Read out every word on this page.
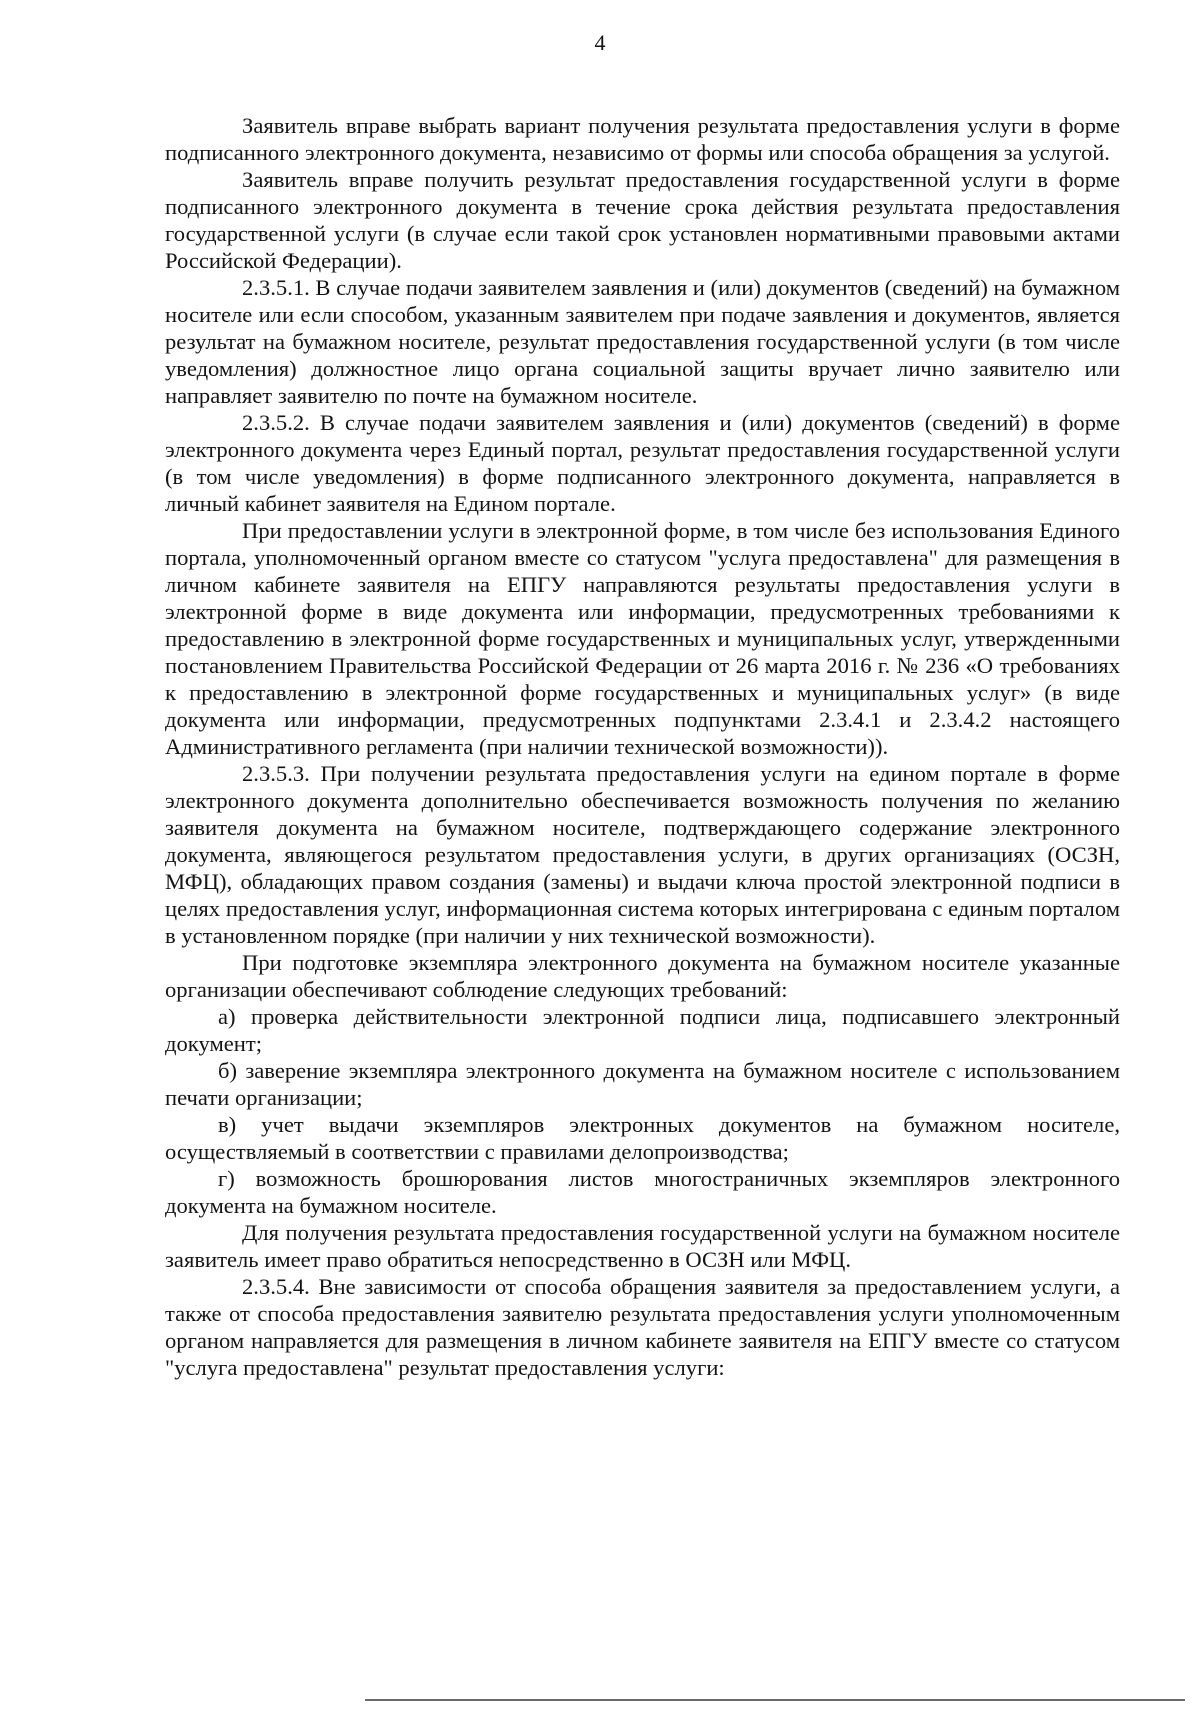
4

Заявитель вправе выбрать вариант получения результата предоставления услуги в форме подписанного электронного документа, независимо от формы или способа обращения за услугой.

Заявитель вправе получить результат предоставления государственной услуги в форме подписанного электронного документа в течение срока действия результата предоставления государственной услуги (в случае если такой срок установлен нормативными правовыми актами Российской Федерации).

2.3.5.1. В случае подачи заявителем заявления и (или) документов (сведений) на бумажном носителе или если способом, указанным заявителем при подаче заявления и документов, является результат на бумажном носителе, результат предоставления государственной услуги (в том числе уведомления) должностное лицо органа социальной защиты вручает лично заявителю или направляет заявителю по почте на бумажном носителе.

2.3.5.2. В случае подачи заявителем заявления и (или) документов (сведений) в форме электронного документа через Единый портал, результат предоставления государственной услуги (в том числе уведомления) в форме подписанного электронного документа, направляется в личный кабинет заявителя на Едином портале.

При предоставлении услуги в электронной форме, в том числе без использования Единого портала, уполномоченный органом вместе со статусом "услуга предоставлена" для размещения в личном кабинете заявителя на ЕПГУ направляются результаты предоставления услуги в электронной форме в виде документа или информации, предусмотренных требованиями к предоставлению в электронной форме государственных и муниципальных услуг, утвержденными постановлением Правительства Российской Федерации от 26 марта 2016 г. № 236 «О требованиях к предоставлению в электронной форме государственных и муниципальных услуг» (в виде документа или информации, предусмотренных подпунктами 2.3.4.1 и 2.3.4.2 настоящего Административного регламента (при наличии технической возможности)).

2.3.5.3. При получении результата предоставления услуги на едином портале в форме электронного документа дополнительно обеспечивается возможность получения по желанию заявителя документа на бумажном носителе, подтверждающего содержание электронного документа, являющегося результатом предоставления услуги, в других организациях (ОСЗН, МФЦ), обладающих правом создания (замены) и выдачи ключа простой электронной подписи в целях предоставления услуг, информационная система которых интегрирована с единым порталом в установленном порядке (при наличии у них технической возможности).

При подготовке экземпляра электронного документа на бумажном носителе указанные организации обеспечивают соблюдение следующих требований:

а) проверка действительности электронной подписи лица, подписавшего электронный документ;

б) заверение экземпляра электронного документа на бумажном носителе с использованием печати организации;

в) учет выдачи экземпляров электронных документов на бумажном носителе, осуществляемый в соответствии с правилами делопроизводства;

г) возможность брошюрования листов многостраничных экземпляров электронного документа на бумажном носителе.

Для получения результата предоставления государственной услуги на бумажном носителе заявитель имеет право обратиться непосредственно в ОСЗН или МФЦ.

2.3.5.4. Вне зависимости от способа обращения заявителя за предоставлением услуги, а также от способа предоставления заявителю результата предоставления услуги уполномоченным органом направляется для размещения в личном кабинете заявителя на ЕПГУ вместе со статусом "услуга предоставлена" результат предоставления услуги:
